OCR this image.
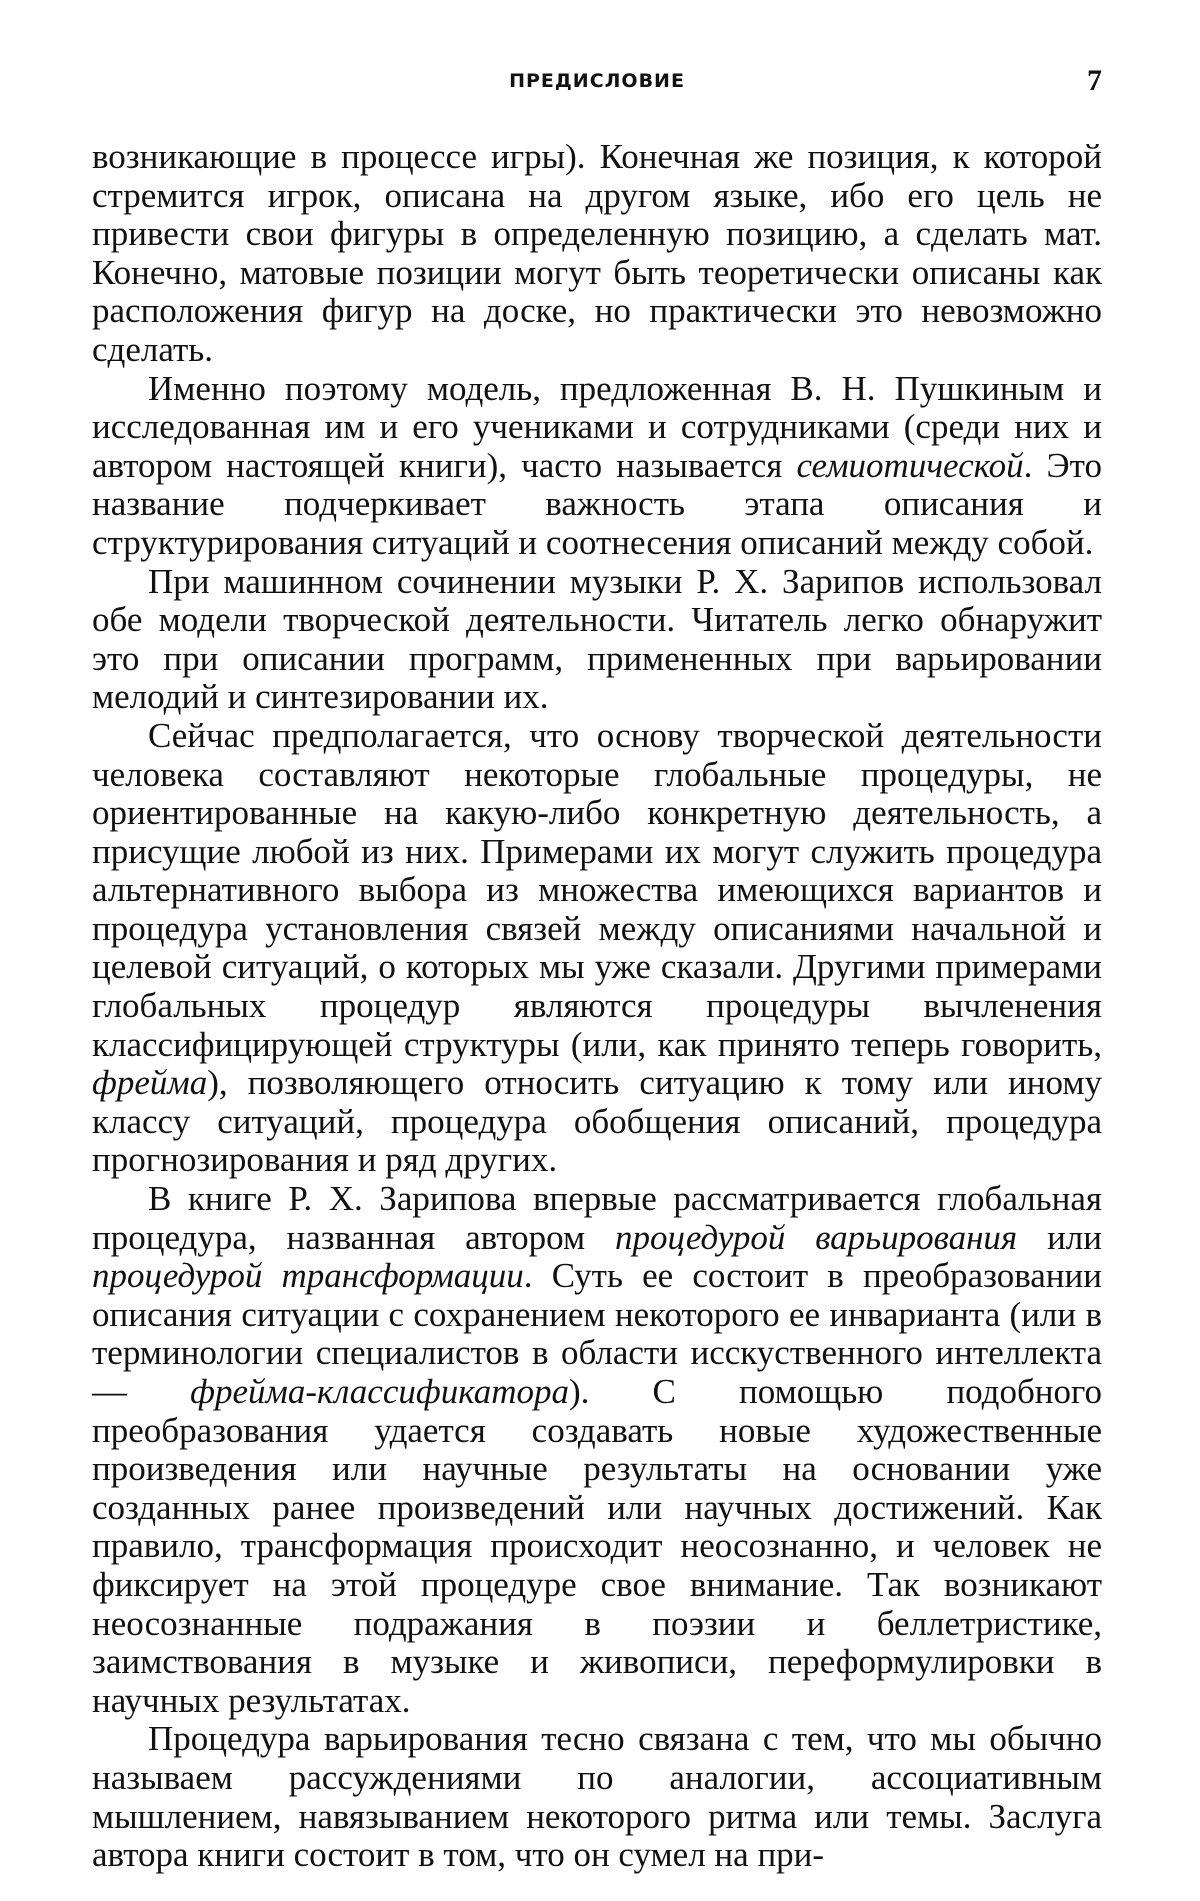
ПРЕДИСЛОВИЕ	7

возникающие в процессе игры). Конечная же позиция, к которой стремится игрок, описана на другом языке, ибо его цель не привести свои фигуры в определенную позицию, а сделать мат. Конечно, матовые позиции могут быть теоретически описаны как расположения фигур на доске, но практически это невозможно сделать.

Именно поэтому модель, предложенная В. Н. Пушкиным и исследованная им и его учениками и сотрудниками (среди них и автором настоящей книги), часто называется семиотической. Это название подчеркивает важность этапа описания и структурирования ситуаций и соотнесения описаний между собой.

При машинном сочинении музыки Р. Х. Зарипов использовал обе модели творческой деятельности. Читатель легко обнаружит это при описании программ, примененных при варьировании мелодий и синтезировании их.

Сейчас предполагается, что основу творческой деятельности человека составляют некоторые глобальные процедуры, не ориентированные на какую-либо конкретную деятельность, а присущие любой из них. Примерами их могут служить процедура альтернативного выбора из множества имеющихся вариантов и процедура установления связей между описаниями начальной и целевой ситуаций, о которых мы уже сказали. Другими примерами глобальных процедур являются процедуры вычленения классифицирующей структуры (или, как принято теперь говорить, фрейма), позволяющего относить ситуацию к тому или иному классу ситуаций, процедура обобщения описаний, процедура прогнозирования и ряд других.

В книге Р. Х. Зарипова впервые рассматривается глобальная процедура, названная автором процедурой варьирования или процедурой трансформации. Суть ее состоит в преобразовании описания ситуации с сохранением некоторого ее инварианта (или в терминологии специалистов в области исскуственного интеллекта — фрейма-классификатора). С помощью подобного преобразования удается создавать новые художественные произведения или научные результаты на основании уже созданных ранее произведений или научных достижений. Как правило, трансформация происходит неосознанно, и человек не фиксирует на этой процедуре свое внимание. Так возникают неосознанные подражания в поэзии и беллетристике, заимствования в музыке и живописи, переформулировки в научных результатах.

Процедура варьирования тесно связана с тем, что мы обычно называем рассуждениями по аналогии, ассоциативным мышлением, навязыванием некоторого ритма или темы. Заслуга автора книги состоит в том, что он сумел на при-
